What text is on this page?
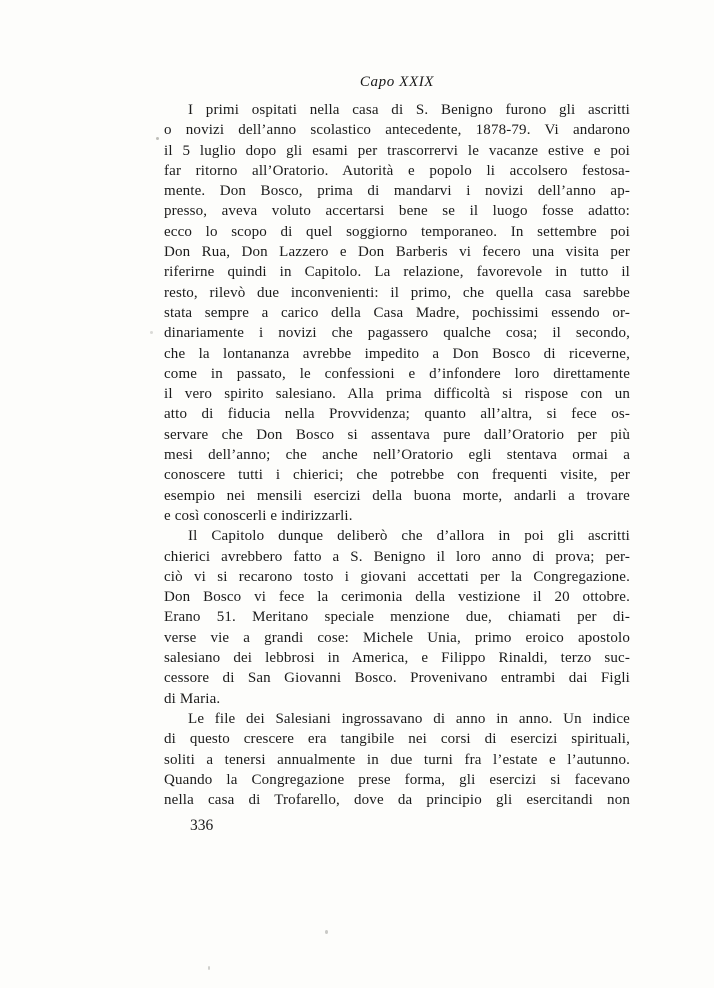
Capo XXIX

I primi ospitati nella casa di S. Benigno furono gli ascritti
o novizi dell’anno scolastico antecedente, 1878-79. Vi andarono
il 5 luglio dopo gli esami per trascorrervi le vacanze estive e poi
far ritorno all’Oratorio. Autorità e popolo li accolsero festosa-
mente. Don Bosco, prima di mandarvi i novizi dell’anno ap-
presso, aveva voluto accertarsi bene se il luogo fosse adatto:
ecco lo scopo di quel soggiorno temporaneo. In settembre poi
Don Rua, Don Lazzero e Don Barberis vi fecero una visita per
riferirne quindi in Capitolo. La relazione, favorevole in tutto il
resto, rilevò due inconvenienti: il primo, che quella casa sarebbe
stata sempre a carico della Casa Madre, pochissimi essendo or-
dinariamente i novizi che pagassero qualche cosa; il secondo,
che la lontananza avrebbe impedito a Don Bosco di riceverne,
come in passato, le confessioni e d’infondere loro direttamente
il vero spirito salesiano. Alla prima difficoltà si rispose con un
atto di fiducia nella Provvidenza; quanto all’altra, si fece os-
servare che Don Bosco si assentava pure dall’Oratorio per più
mesi dell’anno; che anche nell’Oratorio egli stentava ormai a
conoscere tutti i chierici; che potrebbe con frequenti visite, per
esempio nei mensili esercizi della buona morte, andarli a trovare
e così conoscerli e indirizzarli.

Il Capitolo dunque deliberò che d’allora in poi gli ascritti
chierici avrebbero fatto a S. Benigno il loro anno di prova; per-
ciò vi si recarono tosto i giovani accettati per la Congregazione.
Don Bosco vi fece la cerimonia della vestizione il 20 ottobre.
Erano 51. Meritano speciale menzione due, chiamati per di-
verse vie a grandi cose: Michele Unia, primo eroico apostolo
salesiano dei lebbrosi in America, e Filippo Rinaldi, terzo suc-
cessore di San Giovanni Bosco. Provenivano entrambi dai Figli
di Maria.

Le file dei Salesiani ingrossavano di anno in anno. Un indice
di questo crescere era tangibile nei corsi di esercizi spirituali,
soliti a tenersi annualmente in due turni fra l’estate e l’autunno.
Quando la Congregazione prese forma, gli esercizi si facevano
nella casa di Trofarello, dove da principio gli esercitandi non

336
